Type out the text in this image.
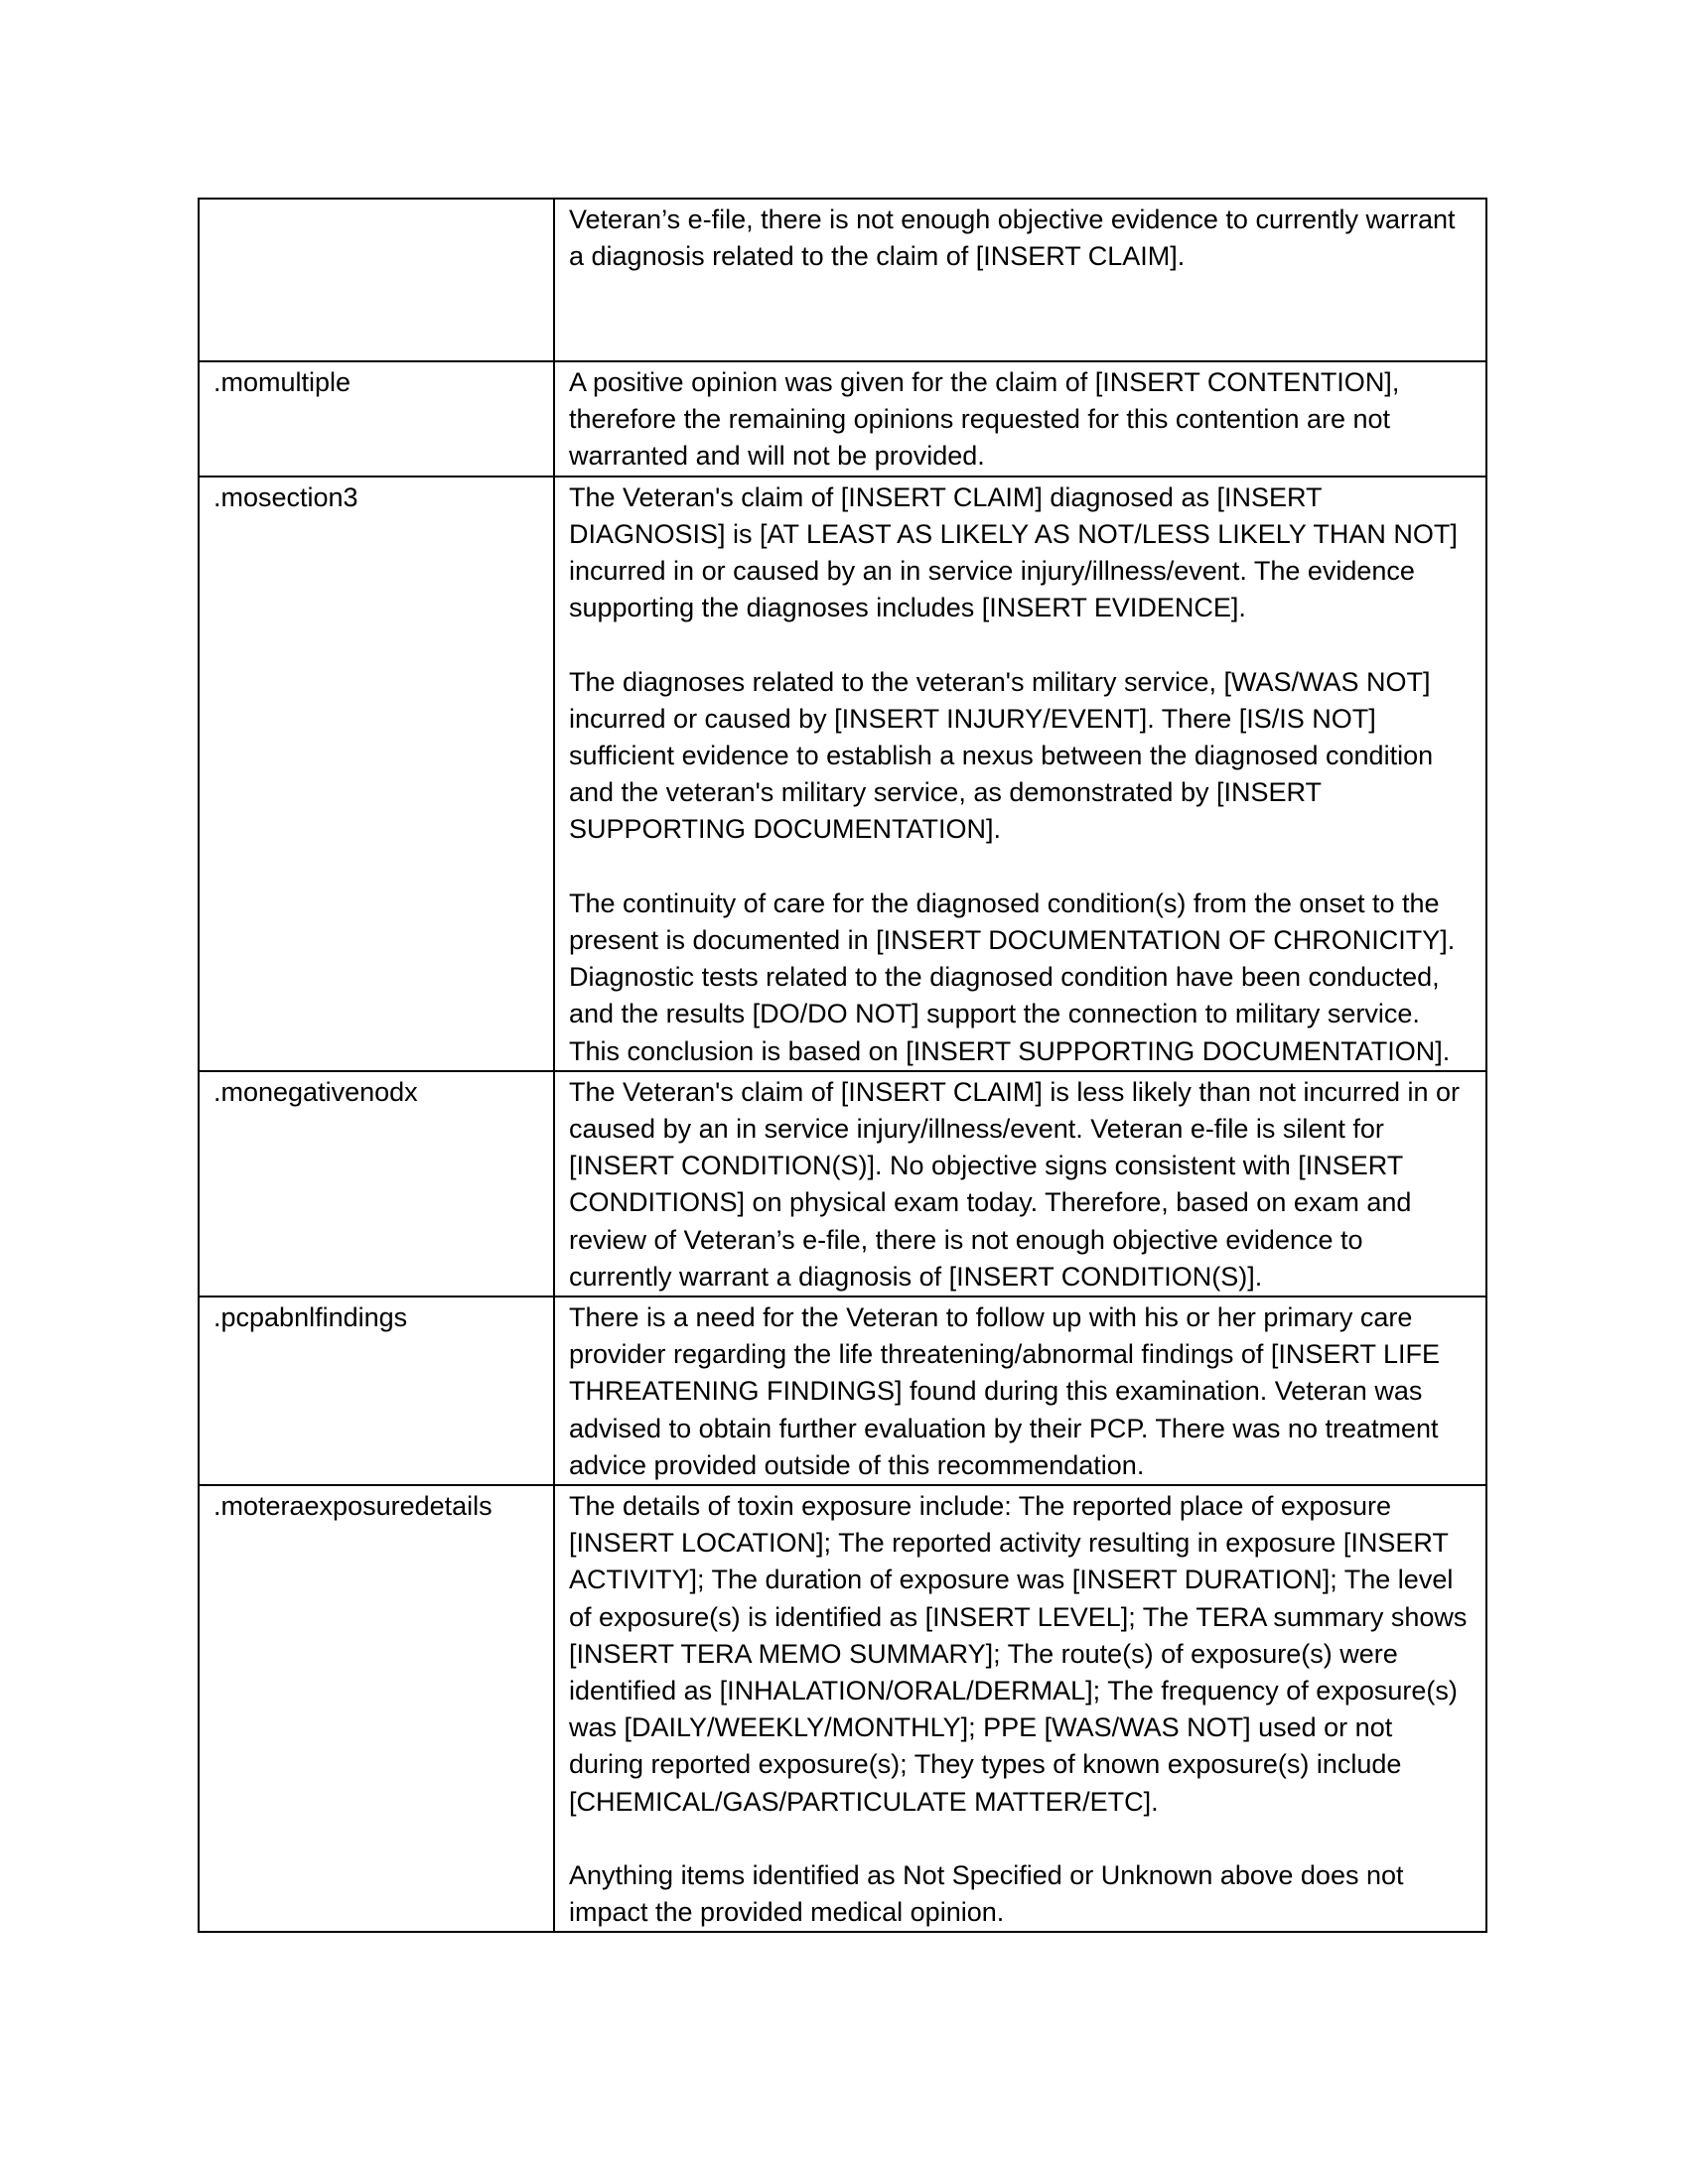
	Veteran’s e-file, there is not enough objective evidence to currently warrant a diagnosis related to the claim of [INSERT CLAIM].

.momultiple	A positive opinion was given for the claim of [INSERT CONTENTION], therefore the remaining opinions requested for this contention are not warranted and will not be provided.

.mosection3	The Veteran's claim of [INSERT CLAIM] diagnosed as [INSERT DIAGNOSIS] is [AT LEAST AS LIKELY AS NOT/LESS LIKELY THAN NOT] incurred in or caused by an in service injury/illness/event. The evidence supporting the diagnoses includes [INSERT EVIDENCE].

The diagnoses related to the veteran's military service, [WAS/WAS NOT] incurred or caused by [INSERT INJURY/EVENT]. There [IS/IS NOT] sufficient evidence to establish a nexus between the diagnosed condition and the veteran's military service, as demonstrated by [INSERT SUPPORTING DOCUMENTATION].

The continuity of care for the diagnosed condition(s) from the onset to the present is documented in [INSERT DOCUMENTATION OF CHRONICITY]. Diagnostic tests related to the diagnosed condition have been conducted, and the results [DO/DO NOT] support the connection to military service. This conclusion is based on [INSERT SUPPORTING DOCUMENTATION].

.monegativenodx	The Veteran's claim of [INSERT CLAIM] is less likely than not incurred in or caused by an in service injury/illness/event. Veteran e-file is silent for [INSERT CONDITION(S)]. No objective signs consistent with [INSERT CONDITIONS] on physical exam today. Therefore, based on exam and review of Veteran’s e-file, there is not enough objective evidence to currently warrant a diagnosis of [INSERT CONDITION(S)].

.pcpabnlfindings	There is a need for the Veteran to follow up with his or her primary care provider regarding the life threatening/abnormal findings of [INSERT LIFE THREATENING FINDINGS] found during this examination. Veteran was advised to obtain further evaluation by their PCP. There was no treatment advice provided outside of this recommendation.

.moteraexposuredetails	The details of toxin exposure include: The reported place of exposure [INSERT LOCATION]; The reported activity resulting in exposure [INSERT ACTIVITY]; The duration of exposure was [INSERT DURATION]; The level of exposure(s) is identified as [INSERT LEVEL]; The TERA summary shows [INSERT TERA MEMO SUMMARY]; The route(s) of exposure(s) were identified as [INHALATION/ORAL/DERMAL]; The frequency of exposure(s) was [DAILY/WEEKLY/MONTHLY]; PPE [WAS/WAS NOT] used or not during reported exposure(s); They types of known exposure(s) include [CHEMICAL/GAS/PARTICULATE MATTER/ETC].

Anything items identified as Not Specified or Unknown above does not impact the provided medical opinion.
